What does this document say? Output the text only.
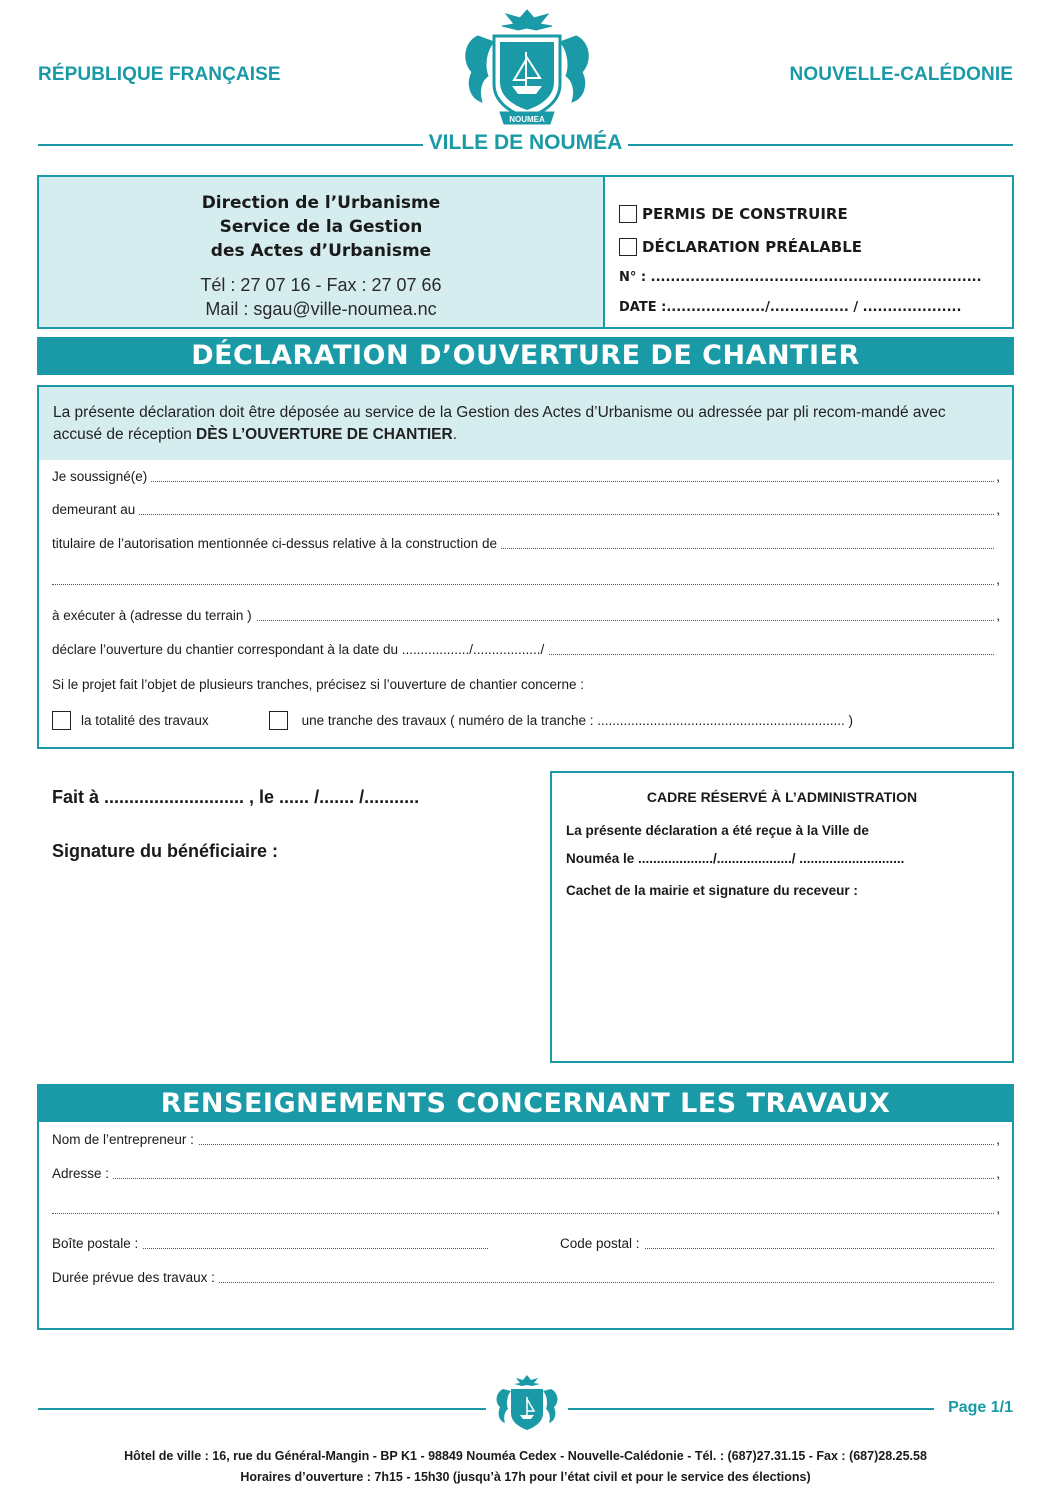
RÉPUBLIQUE FRANÇAISE	NOUVELLE-CALÉDONIE
NOUMEA
VILLE DE NOUMÉA
Direction de l’Urbanisme
Service de la Gestion
des Actes d’Urbanisme
Tél : 27 07 16 - Fax : 27 07 66
Mail : sgau@ville-noumea.nc
PERMIS DE CONSTRUIRE
DÉCLARATION PRÉALABLE
N° : ...................................................................
DATE :..................../................ / ....................
DÉCLARATION D’OUVERTURE DE CHANTIER
La présente déclaration doit être déposée au service de la Gestion des Actes d’Urbanisme ou adressée par pli recom-mandé avec accusé de réception DÈS L’OUVERTURE DE CHANTIER.
Je soussigné(e)	,
demeurant au	,
titulaire de l’autorisation mentionnée ci-dessus relative à la construction de
,
à exécuter à (adresse du terrain )	,
déclare l’ouverture du chantier correspondant à la date du ................../................../
Si le projet fait l’objet de plusieurs tranches, précisez si l’ouverture de chantier concerne :
la totalité des travaux	une tranche des travaux ( numéro de la tranche : .................................................................. )
Fait à ............................ , le ...... /....... /...........
Signature du bénéficiaire :
CADRE RÉSERVÉ À L’ADMINISTRATION
La présente déclaration a été reçue à la Ville de
Nouméa le ..................../..................../ ............................
Cachet de la mairie et signature du receveur :
RENSEIGNEMENTS CONCERNANT LES TRAVAUX
Nom de l’entrepreneur :	,
Adresse :	,
,
Boîte postale :	Code postal :
Durée prévue des travaux :
Page 1/1
Hôtel de ville : 16, rue du Général-Mangin - BP K1 - 98849 Nouméa Cedex - Nouvelle-Calédonie - Tél. : (687)27.31.15 - Fax : (687)28.25.58
Horaires d’ouverture : 7h15 - 15h30 (jusqu’à 17h pour l’état civil et pour le service des élections)
